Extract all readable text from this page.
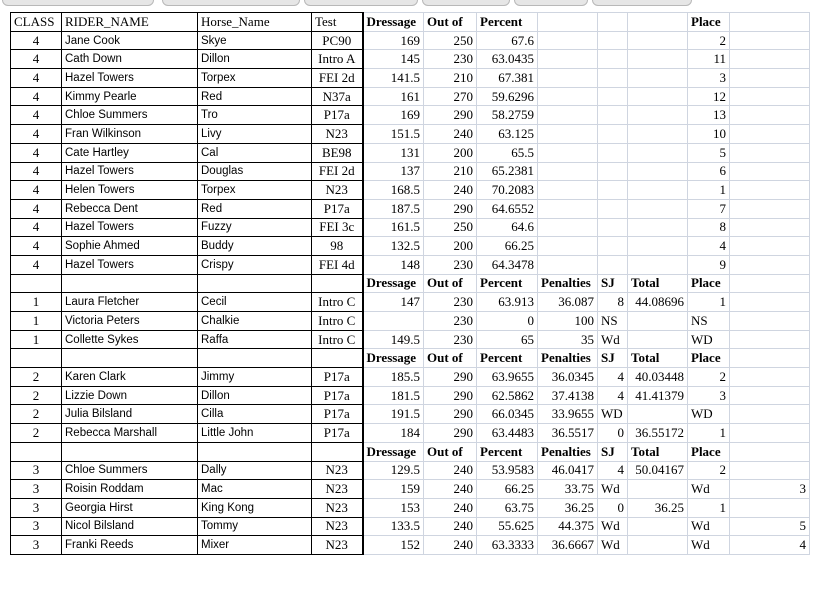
CLASS	RIDER_NAME	Horse_Name	Test	Dressage	Out of	Percent				Place	
4	Jane Cook	Skye	PC90	169	250	67.6				2	
4	Cath Down	Dillon	Intro A	145	230	63.0435				11	
4	Hazel Towers	Torpex	FEI 2d	141.5	210	67.381				3	
4	Kimmy Pearle	Red	N37a	161	270	59.6296				12	
4	Chloe Summers	Tro	P17a	169	290	58.2759				13	
4	Fran Wilkinson	Livy	N23	151.5	240	63.125				10	
4	Cate Hartley	Cal	BE98	131	200	65.5				5	
4	Hazel Towers	Douglas	FEI 2d	137	210	65.2381				6	
4	Helen Towers	Torpex	N23	168.5	240	70.2083				1	
4	Rebecca Dent	Red	P17a	187.5	290	64.6552				7	
4	Hazel Towers	Fuzzy	FEI 3c	161.5	250	64.6				8	
4	Sophie Ahmed	Buddy	98	132.5	200	66.25				4	
4	Hazel Towers	Crispy	FEI 4d	148	230	64.3478				9	
				Dressage	Out of	Percent	Penalties	SJ	Total	Place	
1	Laura Fletcher	Cecil	Intro C	147	230	63.913	36.087	8	44.08696	1	
1	Victoria Peters	Chalkie	Intro C		230	0	100	NS		NS	
1	Collette Sykes	Raffa	Intro C	149.5	230	65	35	Wd		WD	
				Dressage	Out of	Percent	Penalties	SJ	Total	Place	
2	Karen Clark	Jimmy	P17a	185.5	290	63.9655	36.0345	4	40.03448	2	
2	Lizzie Down	Dillon	P17a	181.5	290	62.5862	37.4138	4	41.41379	3	
2	Julia Bilsland	Cilla	P17a	191.5	290	66.0345	33.9655	WD		WD	
2	Rebecca Marshall	Little John	P17a	184	290	63.4483	36.5517	0	36.55172	1	
				Dressage	Out of	Percent	Penalties	SJ	Total	Place	
3	Chloe Summers	Dally	N23	129.5	240	53.9583	46.0417	4	50.04167	2	
3	Roisin Roddam	Mac	N23	159	240	66.25	33.75	Wd		Wd	3
3	Georgia Hirst	King Kong	N23	153	240	63.75	36.25	0	36.25	1	
3	Nicol Bilsland	Tommy	N23	133.5	240	55.625	44.375	Wd		Wd	5
3	Franki Reeds	Mixer	N23	152	240	63.3333	36.6667	Wd		Wd	4
